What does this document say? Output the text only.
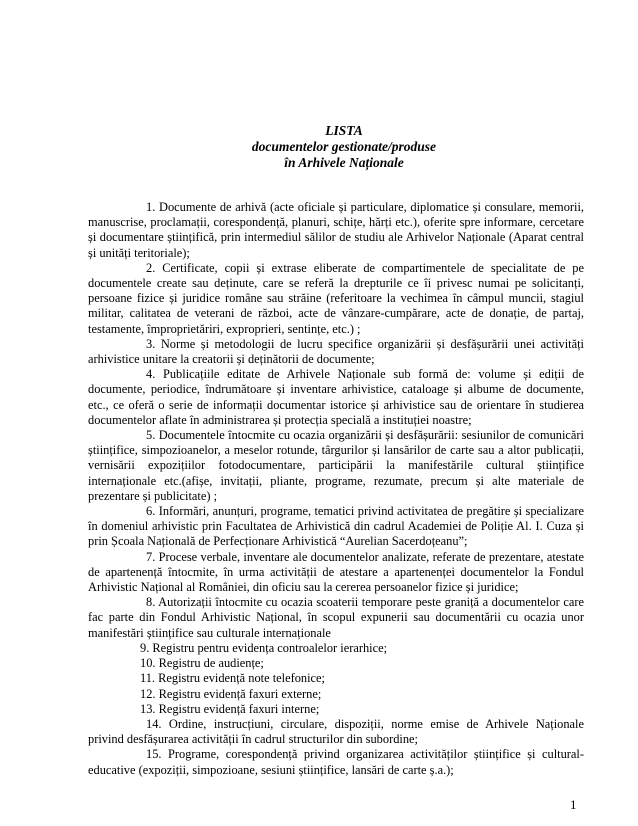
LISTA
documentelor gestionate/produse
în Arhivele Naționale

1. Documente de arhivă (acte oficiale și particulare, diplomatice și consulare, memorii, manuscrise, proclamații, corespondență, planuri, schițe, hărți etc.), oferite spre informare, cercetare și documentare științifică, prin intermediul sălilor de studiu ale Arhivelor Naționale (Aparat central și unități teritoriale);

2. Certificate, copii și extrase eliberate de compartimentele de specialitate de pe documentele create sau deținute, care se referă la drepturile ce îi privesc numai pe solicitanți, persoane fizice și juridice române sau străine (referitoare la vechimea în câmpul muncii, stagiul militar, calitatea de veterani de război, acte de vânzare-cumpărare, acte de donație, de partaj, testamente, împroprietăriri, exproprieri, sentințe, etc.) ;

3. Norme și metodologii de lucru specifice organizării și desfășurării unei activități arhivistice unitare la creatorii și deținătorii de documente;

4. Publicațiile editate de Arhivele Naționale sub formă de: volume și ediții de documente, periodice, îndrumătoare și inventare arhivistice, cataloage și albume de documente, etc., ce oferă o serie de informații documentar istorice și arhivistice sau de orientare în studierea documentelor aflate în administrarea și protecția specială a instituției noastre;

5. Documentele întocmite cu ocazia organizării și desfășurării: sesiunilor de comunicări științifice, simpozioanelor, a meselor rotunde, târgurilor și lansărilor de carte sau a altor publicații, vernisării expozițiilor fotodocumentare, participării la manifestările cultural științifice internaționale etc.(afișe, invitații, pliante, programe, rezumate, precum și alte materiale de prezentare și publicitate) ;

6. Informări, anunțuri, programe, tematici privind activitatea de pregătire și specializare în domeniul arhivistic prin Facultatea de Arhivistică din cadrul Academiei de Poliție Al. I. Cuza și prin Școala Națională de Perfecționare Arhivistică “Aurelian Sacerdoțeanu”;

7. Procese verbale, inventare ale documentelor analizate, referate de prezentare, atestate de apartenență întocmite, în urma activității de atestare a apartenenței documentelor la Fondul Arhivistic Național al României, din oficiu sau la cererea persoanelor fizice și juridice;

8. Autorizații întocmite cu ocazia scoaterii temporare peste graniță a documentelor care fac parte din Fondul Arhivistic Național, în scopul expunerii sau documentării cu ocazia unor manifestări științifice sau culturale internaționale

9. Registru pentru evidența controalelor ierarhice;

10. Registru de audiențe;

11. Registru evidență note telefonice;

12. Registru evidență faxuri externe;

13. Registru evidență faxuri interne;

14. Ordine, instrucțiuni, circulare, dispoziții, norme emise de Arhivele Naționale privind desfășurarea activității în cadrul structurilor din subordine;

15. Programe, corespondență privind organizarea activităților științifice și cultural-educative (expoziții, simpozioane, sesiuni științifice, lansări de carte ș.a.);

1
